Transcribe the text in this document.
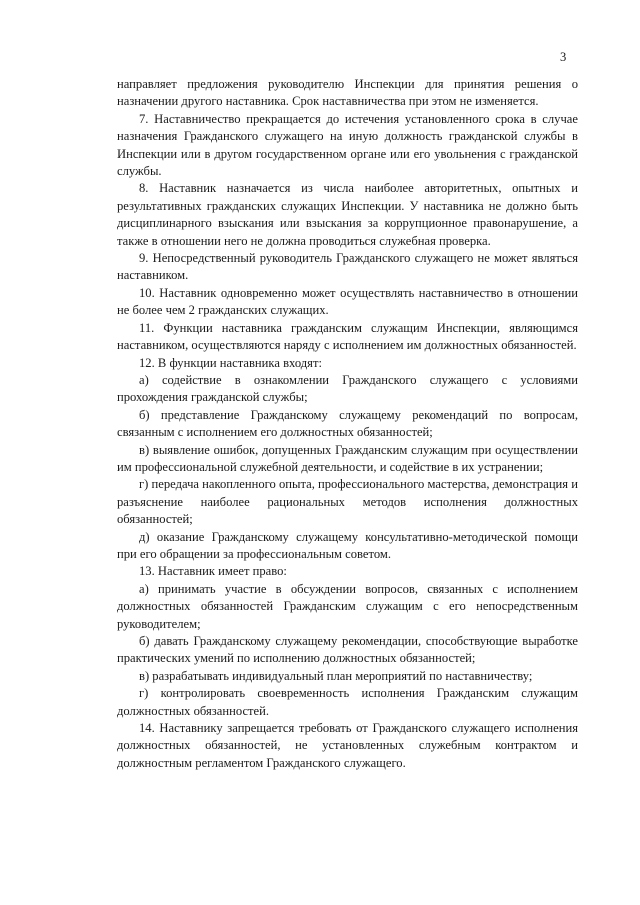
3

направляет предложения руководителю Инспекции для принятия решения о назначении другого наставника. Срок наставничества при этом не изменяется.

7. Наставничество прекращается до истечения установленного срока в случае назначения Гражданского служащего на иную должность гражданской службы в Инспекции или в другом государственном органе или его увольнения с гражданской службы.

8. Наставник назначается из числа наиболее авторитетных, опытных и результативных гражданских служащих Инспекции. У наставника не должно быть дисциплинарного взыскания или взыскания за коррупционное правонарушение, а также в отношении него не должна проводиться служебная проверка.

9. Непосредственный руководитель Гражданского служащего не может являться наставником.

10. Наставник одновременно может осуществлять наставничество в отношении не более чем 2 гражданских служащих.

11. Функции наставника гражданским служащим Инспекции, являющимся наставником, осуществляются наряду с исполнением им должностных обязанностей.

12. В функции наставника входят:

а) содействие в ознакомлении Гражданского служащего с условиями прохождения гражданской службы;

б) представление Гражданскому служащему рекомендаций по вопросам, связанным с исполнением его должностных обязанностей;

в) выявление ошибок, допущенных Гражданским служащим при осуществлении им профессиональной служебной деятельности, и содействие в их устранении;

г) передача накопленного опыта, профессионального мастерства, демонстрация и разъяснение наиболее рациональных методов исполнения должностных обязанностей;

д) оказание Гражданскому служащему консультативно-методической помощи при его обращении за профессиональным советом.

13. Наставник имеет право:

а) принимать участие в обсуждении вопросов, связанных с исполнением должностных обязанностей Гражданским служащим с его непосредственным руководителем;

б) давать Гражданскому служащему рекомендации, способствующие выработке практических умений по исполнению должностных обязанностей;

в) разрабатывать индивидуальный план мероприятий по наставничеству;

г) контролировать своевременность исполнения Гражданским служащим должностных обязанностей.

14. Наставнику запрещается требовать от Гражданского служащего исполнения должностных обязанностей, не установленных служебным контрактом и должностным регламентом Гражданского служащего.
